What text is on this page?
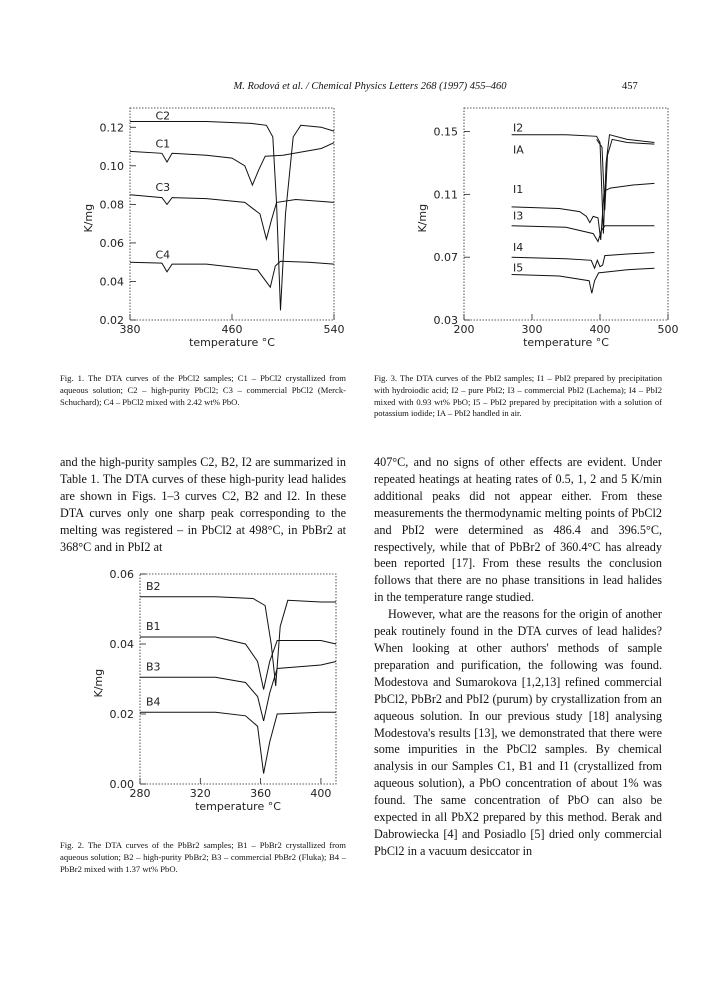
M. Rodová et al. / Chemical Physics Letters 268 (1997) 455–460	457
0.02
0.04
0.06
0.08
0.10
0.12
380	460	540
temperature °C
K/mg
C2
C1
C3
C4
Fig. 1. The DTA curves of the PbCl2 samples; C1 – PbCl2 crystallized from aqueous solution; C2 – high-purity PbCl2; C3 – commercial PbCl2 (Merck-Schuchard); C4 – PbCl2 mixed with 2.42 wt% PbO.
0.03
0.07
0.11
0.15
200	300	400	500
temperature °C
K/mg
I2
IA
I1
I3
I4
I5
Fig. 3. The DTA curves of the PbI2 samples; I1 – PbI2 prepared by precipitation with hydroiodic acid; I2 – pure PbI2; I3 – commercial PbI2 (Lachema); I4 – PbI2 mixed with 0.93 wt% PbO; I5 – PbI2 prepared by precipitation with a solution of potassium iodide; IA – PbI2 handled in air.

and the high-purity samples C2, B2, I2 are summarized in Table 1. The DTA curves of these high-purity lead halides are shown in Figs. 1–3 curves C2, B2 and I2. In these DTA curves only one sharp peak corresponding to the melting was registered – in PbCl2 at 498°C, in PbBr2 at 368°C and in PbI2 at

0.00
0.02
0.04
0.06
280	320	360	400
temperature °C
K/mg
B2
B1
B3
B4
Fig. 2. The DTA curves of the PbBr2 samples; B1 – PbBr2 crystallized from aqueous solution; B2 – high-purity PbBr2; B3 – commercial PbBr2 (Fluka); B4 – PbBr2 mixed with 1.37 wt% PbO.

407°C, and no signs of other effects are evident. Under repeated heatings at heating rates of 0.5, 1, 2 and 5 K/min additional peaks did not appear either. From these measurements the thermodynamic melting points of PbCl2 and PbI2 were determined as 486.4 and 396.5°C, respectively, while that of PbBr2 of 360.4°C has already been reported [17]. From these results the conclusion follows that there are no phase transitions in lead halides in the temperature range studied.

However, what are the reasons for the origin of another peak routinely found in the DTA curves of lead halides? When looking at other authors' methods of sample preparation and purification, the following was found. Modestova and Sumarokova [1,2,13] refined commercial PbCl2, PbBr2 and PbI2 (purum) by crystallization from an aqueous solution. In our previous study [18] analysing Modestova's results [13], we demonstrated that there were some impurities in the PbCl2 samples. By chemical analysis in our Samples C1, B1 and I1 (crystallized from aqueous solution), a PbO concentration of about 1% was found. The same concentration of PbO can also be expected in all PbX2 prepared by this method. Berak and Dabrowiecka [4] and Posiadlo [5] dried only commercial PbCl2 in a vacuum desiccator in
